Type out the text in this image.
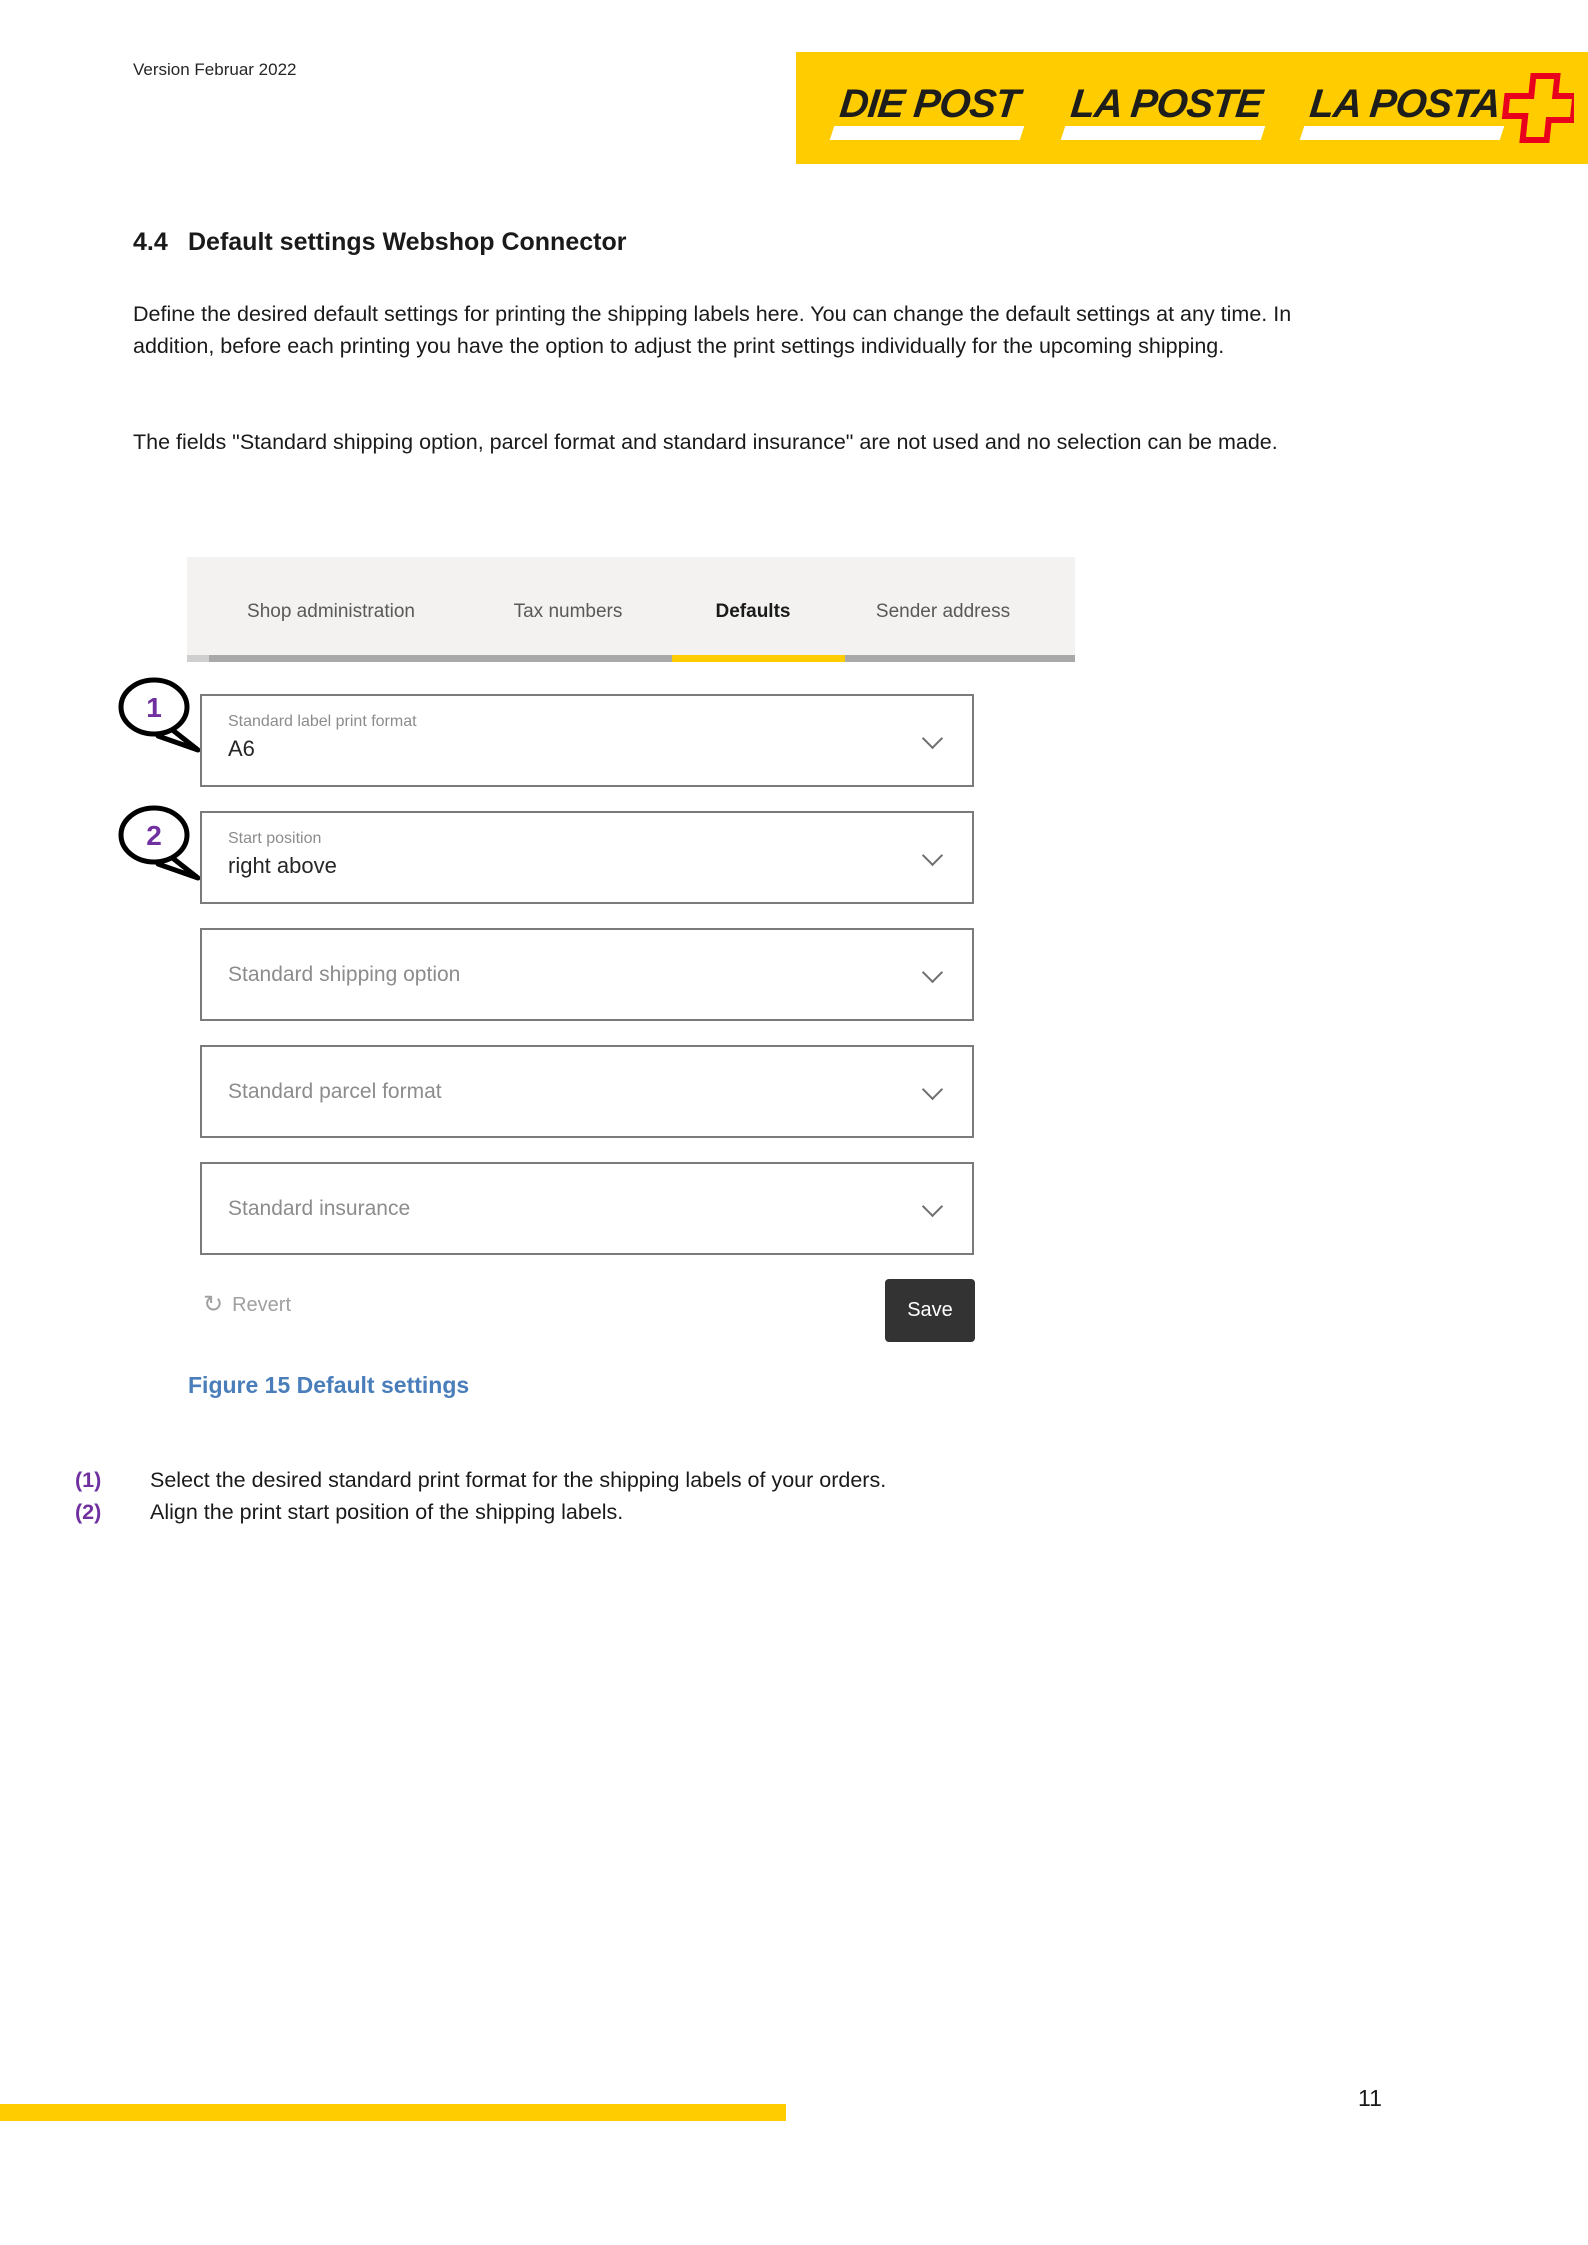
Version Februar 2022
DIE POST LA POSTE LA POSTA
4.4 Default settings Webshop Connector
Define the desired default settings for printing the shipping labels here. You can change the default settings at any time. In addition, before each printing you have the option to adjust the print settings individually for the upcoming shipping.
The fields "Standard shipping option, parcel format and standard insurance" are not used and no selection can be made.
Shop administration	Tax numbers	Defaults	Sender address
1
2
Standard label print format
A6
Start position
right above
Standard shipping option
Standard parcel format
Standard insurance
↻ Revert	Save
Figure 15 Default settings
(1) Select the desired standard print format for the shipping labels of your orders.
(2) Align the print start position of the shipping labels.
11
